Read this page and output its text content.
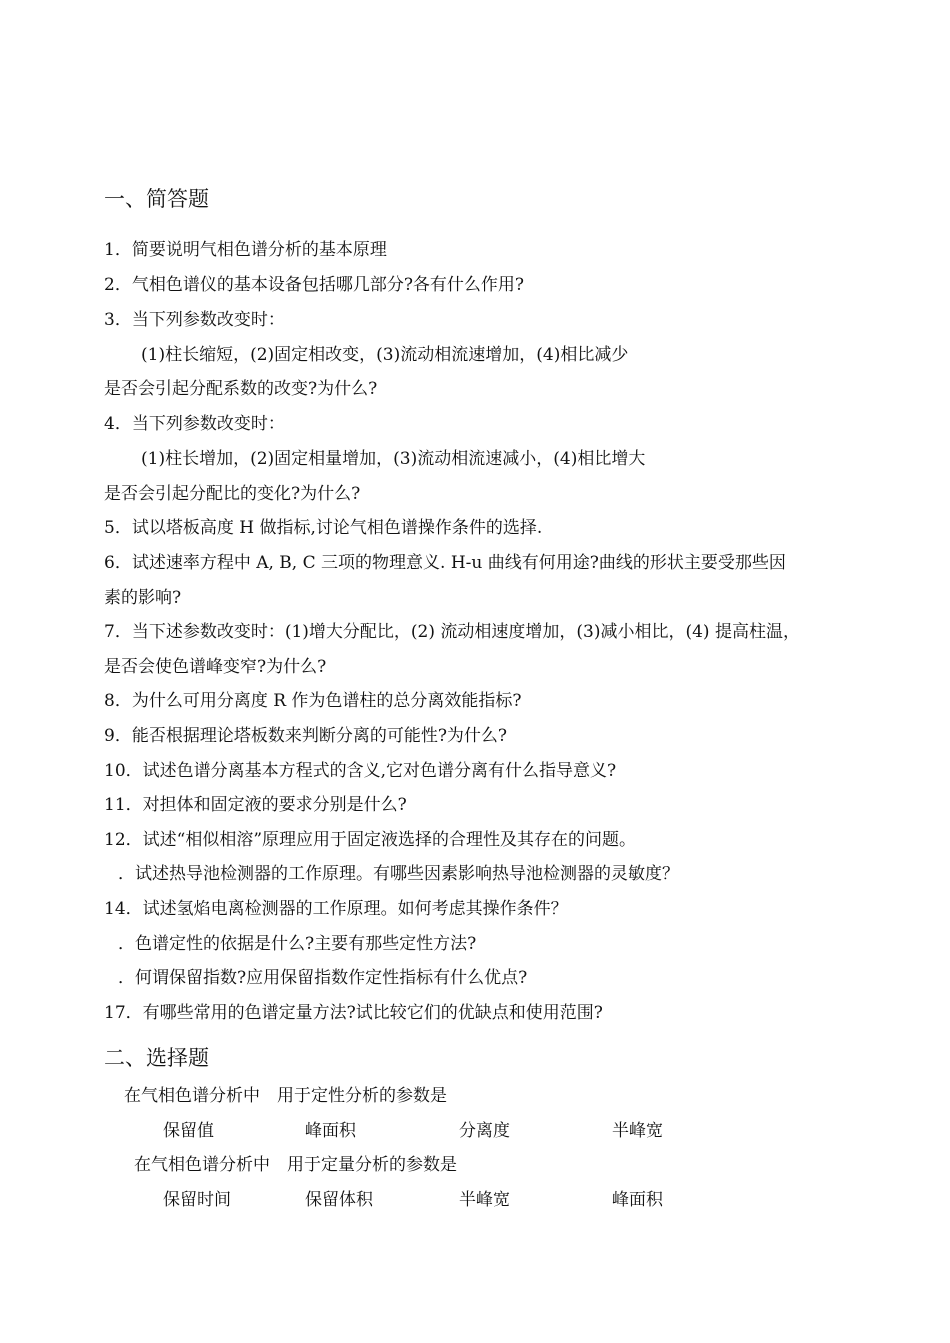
一、简答题
1．简要说明气相色谱分析的基本原理
2．气相色谱仪的基本设备包括哪几部分?各有什么作用?
3．当下列参数改变时：
(1)柱长缩短，(2)固定相改变，(3)流动相流速增加，(4)相比减少
是否会引起分配系数的改变?为什么?
4．当下列参数改变时：
(1)柱长增加，(2)固定相量增加，(3)流动相流速减小，(4)相比增大
是否会引起分配比的变化?为什么?
5．试以塔板高度 H 做指标,讨论气相色谱操作条件的选择.
6．试述速率方程中 A, B, C 三项的物理意义. H-u 曲线有何用途?曲线的形状主要受那些因
素的影响?
7．当下述参数改变时：(1)增大分配比，(2) 流动相速度增加，(3)减小相比，(4) 提高柱温，
是否会使色谱峰变窄?为什么?
8．为什么可用分离度 R 作为色谱柱的总分离效能指标?
9．能否根据理论塔板数来判断分离的可能性?为什么?
10．试述色谱分离基本方程式的含义,它对色谱分离有什么指导意义?
11．对担体和固定液的要求分别是什么?
12．试述“相似相溶”原理应用于固定液选择的合理性及其存在的问题。
．试述热导池检测器的工作原理。有哪些因素影响热导池检测器的灵敏度？
14．试述氢焰电离检测器的工作原理。如何考虑其操作条件？
．色谱定性的依据是什么?主要有那些定性方法?
．何谓保留指数?应用保留指数作定性指标有什么优点?
17．有哪些常用的色谱定量方法?试比较它们的优缺点和使用范围?
二、选择题
在气相色谱分析中　用于定性分析的参数是
保留值	峰面积	分离度	半峰宽
在气相色谱分析中　用于定量分析的参数是
保留时间	保留体积	半峰宽	峰面积
